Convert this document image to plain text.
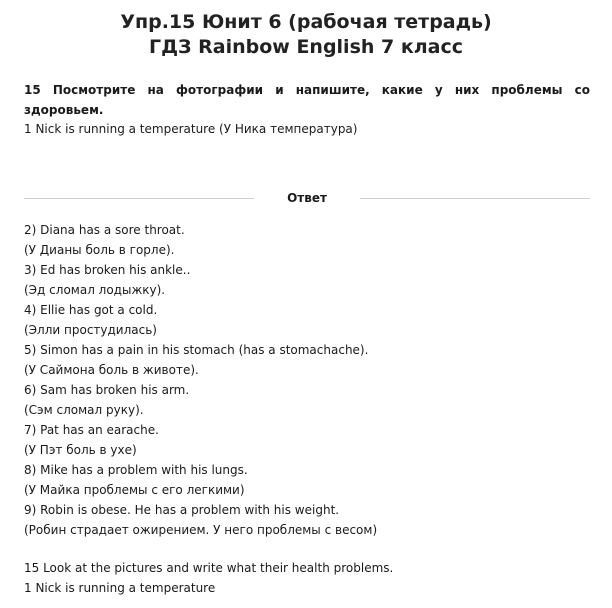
Упр.15 Юнит 6 (рабочая тетрадь)
ГДЗ Rainbow English 7 класс
15 Посмотрите на фотографии и напишите, какие у них проблемы со здоровьем.
1 Nick is running a temperature (У Ника температура)
Ответ
2) Diana has a sore throat.
(У Дианы боль в горле).
3) Ed has broken his ankle..
(Эд сломал лодыжку).
4) Ellie has got a cold.
(Элли простудилась)
5) Simon has a pain in his stomach (has a stomachache).
(У Саймона боль в животе).
6) Sam has broken his arm.
(Сэм сломал руку).
7) Pat has an earache.
(У Пэт боль в ухе)
8) Mike has a problem with his lungs.
(У Майка проблемы с его легкими)
9) Robin is obese. He has a problem with his weight.
(Робин страдает ожирением. У него проблемы с весом)
15 Look at the pictures and write what their health problems.
1 Nick is running a temperature
